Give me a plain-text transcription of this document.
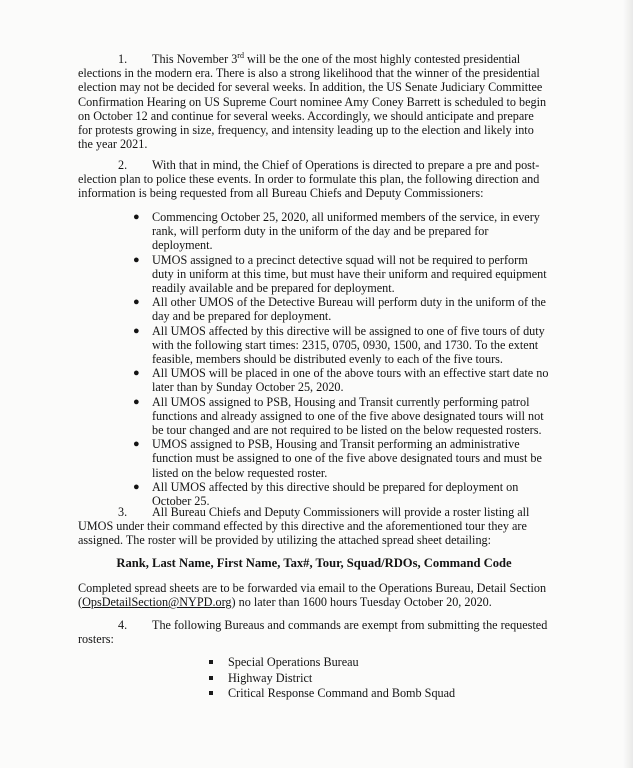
1. This November 3rd will be the one of the most highly contested presidential elections in the modern era. There is also a strong likelihood that the winner of the presidential election may not be decided for several weeks. In addition, the US Senate Judiciary Committee Confirmation Hearing on US Supreme Court nominee Amy Coney Barrett is scheduled to begin on October 12 and continue for several weeks. Accordingly, we should anticipate and prepare for protests growing in size, frequency, and intensity leading up to the election and likely into the year 2021.
2. With that in mind, the Chief of Operations is directed to prepare a pre and post-election plan to police these events. In order to formulate this plan, the following direction and information is being requested from all Bureau Chiefs and Deputy Commissioners:
● Commencing October 25, 2020, all uniformed members of the service, in every rank, will perform duty in the uniform of the day and be prepared for deployment.
● UMOS assigned to a precinct detective squad will not be required to perform duty in uniform at this time, but must have their uniform and required equipment readily available and be prepared for deployment.
● All other UMOS of the Detective Bureau will perform duty in the uniform of the day and be prepared for deployment.
● All UMOS affected by this directive will be assigned to one of five tours of duty with the following start times: 2315, 0705, 0930, 1500, and 1730. To the extent feasible, members should be distributed evenly to each of the five tours.
● All UMOS will be placed in one of the above tours with an effective start date no later than by Sunday October 25, 2020.
● All UMOS assigned to PSB, Housing and Transit currently performing patrol functions and already assigned to one of the five above designated tours will not be tour changed and are not required to be listed on the below requested rosters.
● UMOS assigned to PSB, Housing and Transit performing an administrative function must be assigned to one of the five above designated tours and must be listed on the below requested roster.
● All UMOS affected by this directive should be prepared for deployment on October 25.
3. All Bureau Chiefs and Deputy Commissioners will provide a roster listing all UMOS under their command effected by this directive and the aforementioned tour they are assigned. The roster will be provided by utilizing the attached spread sheet detailing:
Rank, Last Name, First Name, Tax#, Tour, Squad/RDOs, Command Code
Completed spread sheets are to be forwarded via email to the Operations Bureau, Detail Section (OpsDetailSection@NYPD.org) no later than 1600 hours Tuesday October 20, 2020.
4. The following Bureaus and commands are exempt from submitting the requested rosters:
Special Operations Bureau
Highway District
Critical Response Command and Bomb Squad
